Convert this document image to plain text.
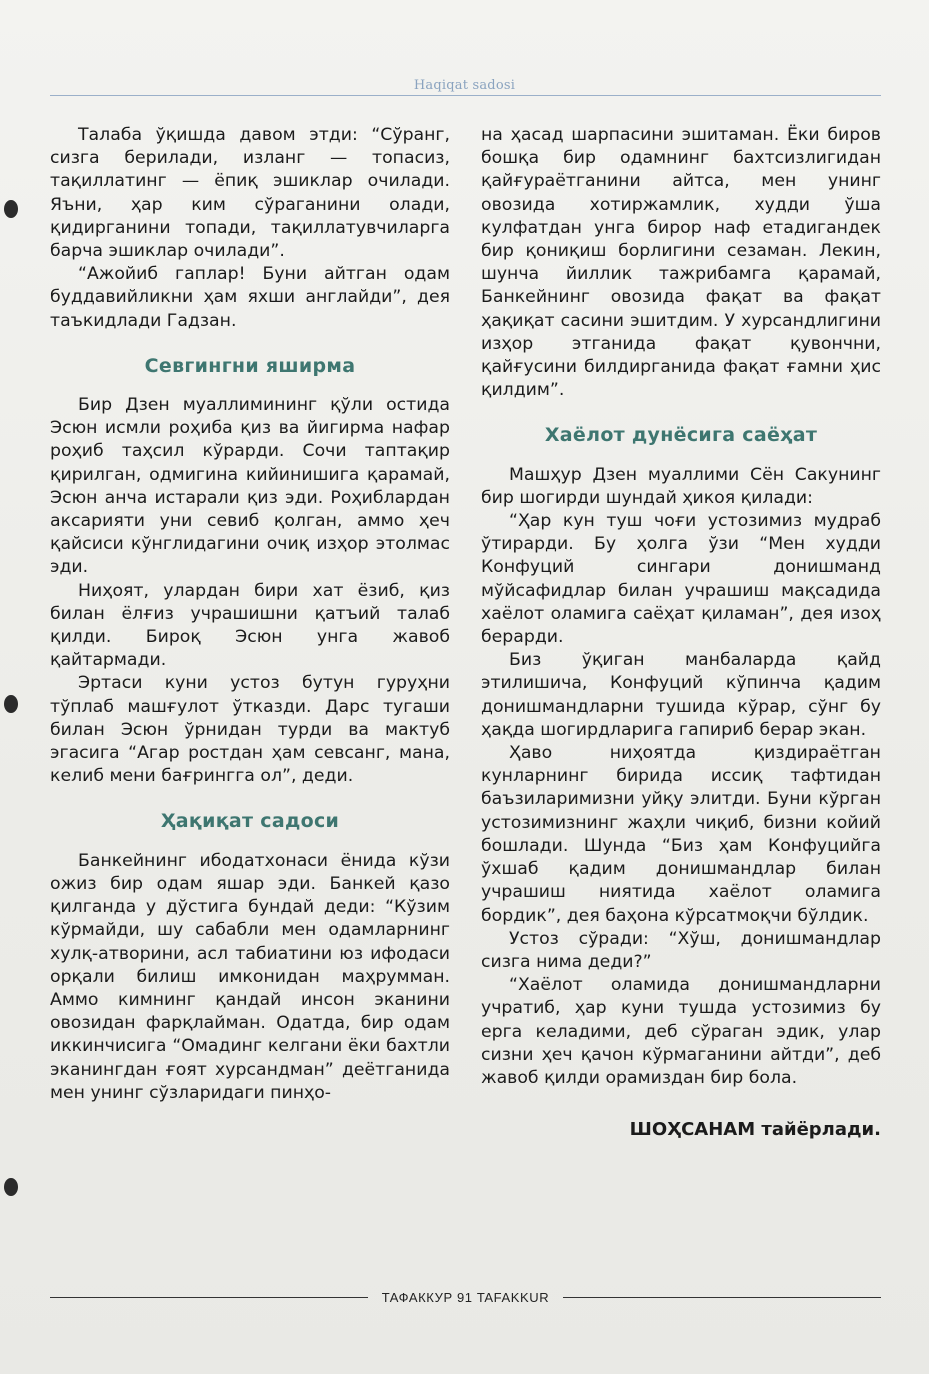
Haqiqat sadosi

Талаба ўқишда давом этди: “Сўранг, сизга берилади, изланг — топасиз, тақиллатинг — ёпиқ эшиклар очилади. Яъни, ҳар ким сўраганини олади, қидирганини топади, тақиллатувчиларга барча эшиклар очилади”.

“Ажойиб гаплар! Буни айтган одам буддавийликни ҳам яхши англайди”, дея таъкидлади Гадзан.

Севгингни яширма

Бир Дзен муаллимининг қўли остида Эсюн исмли роҳиба қиз ва йигирма нафар роҳиб таҳсил кўрарди. Сочи таптақир қирилган, одмигина кийинишига қарамай, Эсюн анча истарали қиз эди. Роҳиблардан аксарияти уни севиб қолган, аммо ҳеч қайсиси кўнглидагини очиқ изҳор этолмас эди.

Ниҳоят, улардан бири хат ёзиб, қиз билан ёлғиз учрашишни қатъий талаб қилди. Бироқ Эсюн унга жавоб қайтармади.

Эртаси куни устоз бутун гуруҳни тўплаб машғулот ўтказди. Дарс тугаши билан Эсюн ўрнидан турди ва мактуб эгасига “Агар ростдан ҳам севсанг, мана, келиб мени бағрингга ол”, деди.

Ҳақиқат садоси

Банкейнинг ибодатхонаси ёнида кўзи ожиз бир одам яшар эди. Банкей қазо қилганда у дўстига бундай деди: “Кўзим кўрмайди, шу сабабли мен одамларнинг хулқ-атворини, асл табиатини юз ифодаси орқали билиш имконидан маҳрумман. Аммо кимнинг қандай инсон эканини овозидан фарқлайман. Одатда, бир одам иккинчисига “Омадинг келгани ёки бахтли эканингдан ғоят хурсандман” деётганида мен унинг сўзларидаги пинҳо-

на ҳасад шарпасини эшитаман. Ёки биров бошқа бир одамнинг бахтсизлигидан қайғураётганини айтса, мен унинг овозида хотиржамлик, худди ўша кулфатдан унга бирор наф етадигандек бир қониқиш борлигини сезаман. Лекин, шунча йиллик тажрибамга қарамай, Банкейнинг овозида фақат ва фақат ҳақиқат сасини эшитдим. У хурсандлигини изҳор этганида фақат қувончни, қайғусини билдирганида фақат ғамни ҳис қилдим”.

Хаёлот дунёсига саёҳат

Машҳур Дзен муаллими Сён Сакунинг бир шогирди шундай ҳикоя қилади:

“Ҳар кун туш чоғи устозимиз мудраб ўтирарди. Бу ҳолга ўзи “Мен худди Конфуций сингари донишманд мўйсафидлар билан учрашиш мақсадида хаёлот оламига саёҳат қиламан”, дея изоҳ берарди.

Биз ўқиган манбаларда қайд этилишича, Конфуций кўпинча қадим донишмандларни тушида кўрар, сўнг бу ҳақда шогирдларига гапириб берар экан.

Ҳаво ниҳоятда қиздираётган кунларнинг бирида иссиқ тафтидан баъзиларимизни уйқу элитди. Буни кўрган устозимизнинг жаҳли чиқиб, бизни койий бошлади. Шунда “Биз ҳам Конфуцийга ўхшаб қадим донишмандлар билан учрашиш ниятида хаёлот оламига бордик”, дея баҳона кўрсатмоқчи бўлдик.

Устоз сўради: “Хўш, донишмандлар сизга нима деди?”

“Хаёлот оламида донишмандларни учратиб, ҳар куни тушда устозимиз бу ерга келадими, деб сўраган эдик, улар сизни ҳеч қачон кўрмаганини айтди”, деб жавоб қилди орамиздан бир бола.

ШОҲСАНАМ тайёрлади.
ТАФАККУР 91 TAFAKKUR
